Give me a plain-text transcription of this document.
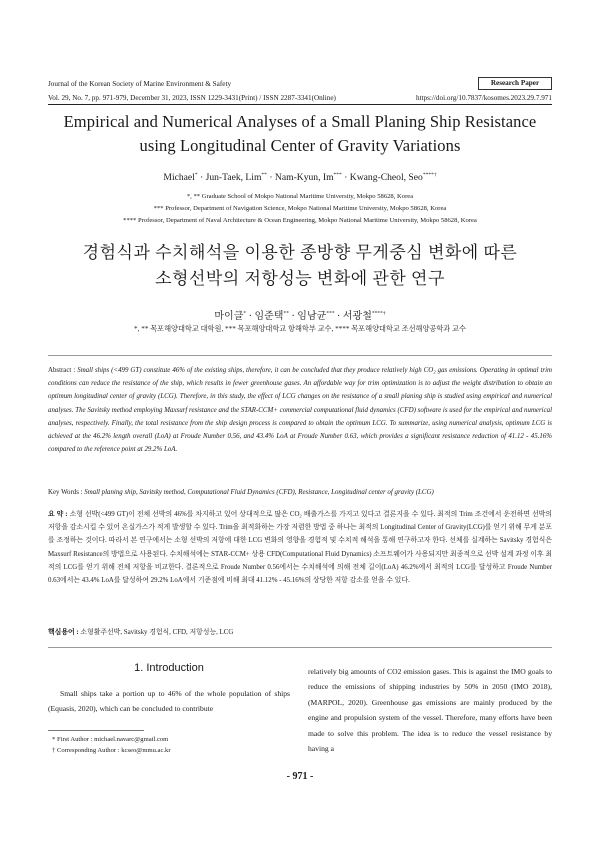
Journal of the Korean Society of Marine Environment & Safety	Research Paper
Vol. 29, No. 7, pp. 971-979, December 31, 2023, ISSN 1229-3431(Print) / ISSN 2287-3341(Online)	https://doi.org/10.7837/kosomes.2023.29.7.971
Empirical and Numerical Analyses of a Small Planing Ship Resistance
using Longitudinal Center of Gravity Variations
Michael* · Jun-Taek, Lim** · Nam-Kyun, Im*** · Kwang-Cheol, Seo****†
*, ** Graduate School of Mokpo National Maritime University, Mokpo 58628, Korea
*** Professor, Department of Navigation Science, Mokpo National Maritime University, Mokpo 58628, Korea
**** Professor, Department of Naval Architecture & Ocean Engineering, Mokpo National Maritime University, Mokpo 58628, Korea
경험식과 수치해석을 이용한 종방향 무게중심 변화에 따른
소형선박의 저항성능 변화에 관한 연구
마이클* · 임준택** · 임남균*** · 서광철****†
*, ** 목포해양대학교 대학원, *** 목포해양대학교 항해학부 교수, **** 목포해양대학교 조선해양공학과 교수
Abstract : Small ships (<499 GT) constitute 46% of the existing ships, therefore, it can be concluded that they produce relatively high CO₂ gas emissions. Operating in optimal trim conditions can reduce the resistance of the ship, which results in fewer greenhouse gases. An affordable way for trim optimization is to adjust the weight distribution to obtain an optimum longitudinal center of gravity (LCG). Therefore, in this study, the effect of LCG changes on the resistance of a small planing ship is studied using empirical and numerical analyses. The Savitsky method employing Maxsurf resistance and the STAR-CCM+ commercial computational fluid dynamics (CFD) software is used for the empirical and numerical analyses, respectively. Finally, the total resistance from the ship design process is compared to obtain the optimum LCG. To summarize, using numerical analysis, optimum LCG is achieved at the 46.2% length overall (LoA) at Froude Number 0.56, and 43.4% LoA at Froude Number 0.63, which provides a significant resistance reduction of 41.12 - 45.16% compared to the reference point at 29.2% LoA.
Key Words : Small planing ship, Savitsky method, Computational Fluid Dynamics (CFD), Resistance, Longitudinal center of gravity (LCG)
요 약 : 소형 선박(<499 GT)이 전체 선박의 46%를 차지하고 있어 상대적으로 많은 CO₂ 배출가스를 가지고 있다고 결론지을 수 있다. 최적의 Trim 조건에서 운전하면 선박의 저항을 감소시킬 수 있어 온실가스가 적게 발생할 수 있다. Trim을 최적화하는 가장 저렴한 방법 중 하나는 최적의 Longitudinal Center of Gravity(LCG)를 얻기 위해 무게 분포를 조정하는 것이다. 따라서 본 연구에서는 소형 선박의 저항에 대한 LCG 변화의 영향을 경험적 및 수치적 해석을 통해 연구하고자 한다. 선체를 실계하는 Savitsky 경험식은 Maxsurf Resistance의 방법으로 사용된다. 수치해석에는 STAR-CCM+ 상용 CFD(Computational Fluid Dynamics) 소프트웨어가 사용되지만 최종적으로 선박 설계 과정 이후 최적의 LCG를 얻기 위해 전체 저항을 비교한다. 결론적으로 Froude Number 0.56에서는 수치해석에 의해 전체 길이(LoA) 46.2%에서 최적의 LCG를 달성하고 Froude Number 0.63에서는 43.4% LoA를 달성하여 29.2% LoA에서 기준점에 비해 최대 41.12% - 45.16%의 상당한 저항 감소를 얻을 수 있다.
핵심용어 : 소형활주선박, Savitsky 경험식, CFD, 저항성능, LCG
1. Introduction
Small ships take a portion up to 46% of the whole population of ships (Equasis, 2020), which can be concluded to contribute
relatively big amounts of CO2 emission gases. This is against the IMO goals to reduce the emissions of shipping industries by 50% in 2050 (IMO 2018), (MARPOL, 2020). Greenhouse gas emissions are mainly produced by the engine and propulsion system of the vessel. Therefore, many efforts have been made to solve this problem. The idea is to reduce the vessel resistance by having a
* First Author : michael.navarc@gmail.com
† Corresponding Author : kcseo@mmu.ac.kr
- 971 -
